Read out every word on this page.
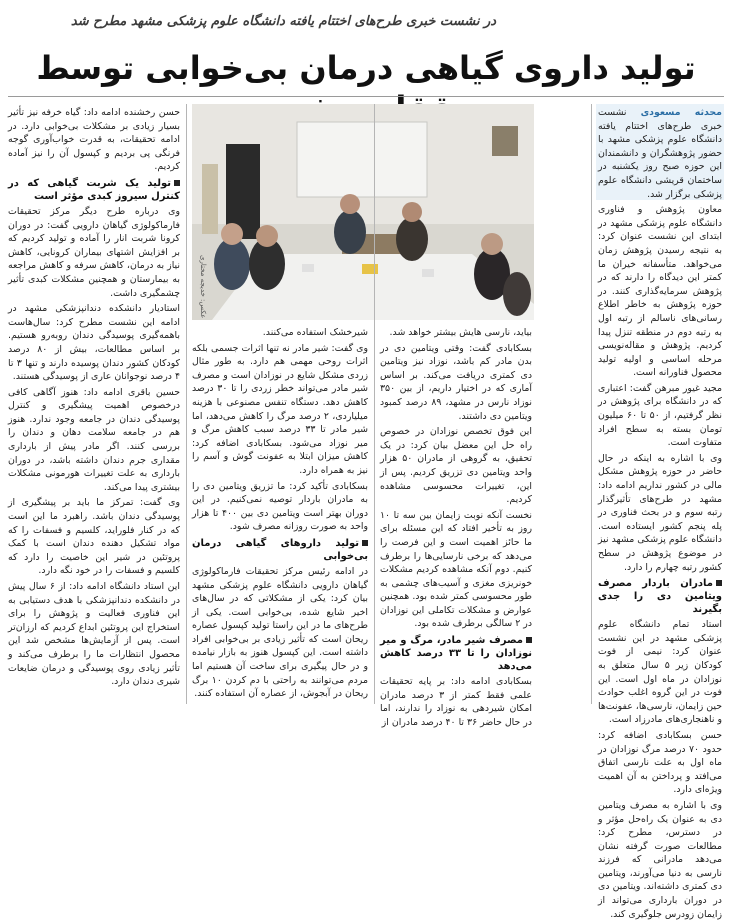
در نشست خبری طرح‌های اختتام یافته دانشگاه علوم پزشکی مشهد مطرح شد
تولید داروی گیاهی درمان بی‌خوابی توسط

محدثه مسعودی نشست خبری طرح‌های اختتام یافته دانشگاه علوم پزشکی مشهد با حضور پژوهشگران و دانشمندان این حوزه صبح روز یکشنبه در ساختمان قریشی دانشگاه علوم پزشکی برگزار شد.

معاون پژوهش و فناوری دانشگاه علوم پزشکی مشهد در ابتدای این نشست عنوان کرد: به نتیجه رسیدن پژوهش زمان می‌خواهد. متأسفانه خیران ما کمتر این دیدگاه را دارند که در پژوهش سرمایه‌گذاری کنند. در حوزه پژوهش به خاطر اطلاع رسانی‌های ناسالم از رتبه اول به رتبه دوم در منطقه تنزل پیدا کردیم. پژوهش و مقاله‌نویسی مرحله اساسی و اولیه تولید محصول فناورانه است.

مجید غیور مبرهن گفت: اعتباری که در دانشگاه برای پژوهش در نظر گرفتیم، از ۵۰ تا ۶۰ میلیون تومان بسته به سطح افراد متفاوت است.

وی با اشاره به اینکه در حال حاضر در حوزه پژوهش مشکل مالی در کشور نداریم ادامه داد: مشهد در طرح‌های تأثیرگذار رتبه سوم و در بحث فناوری در پله پنجم کشور ایستاده است. دانشگاه علوم پزشکی مشهد نیز در موضوع پژوهش در سطح کشور رتبه چهارم را دارد.

مادران باردار مصرف ویتامین دی را جدی بگیرند

استاد تمام دانشگاه علوم پزشکی مشهد در این نشست عنوان کرد: نیمی از فوت کودکان زیر ۵ سال متعلق به نوزادان در ماه اول است. این فوت در این گروه اغلب حوادث حین زایمان، نارسی‌ها، عفونت‌ها و ناهنجاری‌های مادرزاد است.

حسن بسکابادی اضافه کرد: حدود ۷۰ درصد مرگ نوزادان در ماه اول به علت نارسی اتفاق می‌افتد و پرداختن به آن اهمیت ویژه‌ای دارد.

وی با اشاره به مصرف ویتامین دی به عنوان یک راه‌حل مؤثر و در دسترس، مطرح کرد: مطالعات صورت گرفته نشان می‌دهد مادرانی که فرزند نارسی به دنیا می‌آورند، ویتامین دی کمتری داشته‌اند. ویتامین دی در دوران بارداری می‌تواند از زایمان زودرس جلوگیری کند.

عکس: خدیجه مختاری

بیاید، نارسی هایش بیشتر خواهد شد.

بسکابادی گفت: وقتی ویتامین دی در بدن مادر کم باشد، نوزاد نیز ویتامین دی کمتری دریافت می‌کند. بر اساس آماری که در اختیار داریم، از بین ۳۵۰ نوزاد نارس در مشهد، ۸۹ درصد کمبود ویتامین دی داشتند.

این فوق تخصص نوزادان در خصوص راه حل این معضل بیان کرد: در یک تحقیق، به گروهی از مادران ۵۰ هزار واحد ویتامین دی تزریق کردیم. پس از این، تغییرات محسوسی مشاهده کردیم.

نخست آنکه نوبت زایمان بین سه تا ۱۰ روز به تأخیر افتاد که این مسئله برای ما حائز اهمیت است و این فرصت را می‌دهد که برخی نارسایی‌ها را برطرف کنیم. دوم آنکه مشاهده کردیم مشکلات خونریزی مغزی و آسیب‌های چشمی به طور محسوسی کمتر شده بود. همچنین عوارض و مشکلات تکاملی این نوزادان در ۲ سالگی برطرف شده بود.

مصرف شیر مادر، مرگ و میر نوزادان را تا ۳۳ درصد کاهش می‌دهد

بسکابادی ادامه داد: بر پایه تحقیقات علمی فقط کمتر از ۳ درصد مادران امکان شیردهی به نوزاد را ندارند، اما در حال حاضر ۳۶ تا ۴۰ درصد مادران از

شیرخشک استفاده می‌کنند.

وی گفت: شیر مادر نه تنها اثرات جسمی بلکه اثرات روحی مهمی هم دارد. به طور مثال زردی مشکل شایع در نوزادان است و مصرف شیر مادر می‌تواند خطر زردی را تا ۳۰ درصد کاهش دهد. دستگاه تنفس مصنوعی با هزینه میلیاردی، ۲ درصد مرگ را کاهش می‌دهد، اما شیر مادر تا ۳۳ درصد سبب کاهش مرگ و میر نوزاد می‌شود. بسکابادی اضافه کرد: کاهش میزان ابتلا به عفونت گوش و آسم را نیز به همراه دارد.

بسکابادی تأکید کرد: ما تزریق ویتامین دی را به مادران باردار توصیه نمی‌کنیم. در این دوران بهتر است ویتامین دی بین ۴۰۰ تا هزار واحد به صورت روزانه مصرف شود.

تولید داروهای گیاهی درمان بی‌خوابی

در ادامه رئیس مرکز تحقیقات فارماکولوژی گیاهان دارویی دانشگاه علوم پزشکی مشهد بیان کرد: یکی از مشکلاتی که در سال‌های اخیر شایع شده، بی‌خوابی است. یکی از طرح‌های ما در این راستا تولید کپسول عصاره ریحان است که تأثیر زیادی بر بی‌خوابی افراد داشته است. این کپسول هنوز به بازار نیامده و در حال پیگیری برای ساخت آن هستیم اما مردم می‌توانند به راحتی با دم کردن ۱۰ برگ ریحان در آبجوش، از عصاره آن استفاده کنند.

حسن رخشنده ادامه داد: گیاه خرفه نیز تأثیر بسیار زیادی بر مشکلات بی‌خوابی دارد. در ادامه تحقیقات، به قدرت خواب‌آوری گوجه فرنگی پی بردیم و کپسول آن را نیز آماده کردیم.

تولید یک شربت گیاهی که در کنترل سیروز کبدی مؤثر است

وی درباره طرح دیگر مرکز تحقیقات فارماکولوژی گیاهان دارویی گفت: در دوران کرونا شربت انار را آماده و تولید کردیم که بر افزایش اشتهای بیماران کرونایی، کاهش نیاز به درمان، کاهش سرفه و کاهش مراجعه به بیمارستان و همچنین مشکلات کبدی تأثیر چشمگیری داشت.

استادیار دانشکده دندانپزشکی مشهد در ادامه این نشست مطرح کرد: سال‌هاست باهمه‌گیری پوسیدگی دندان روبه‌رو هستیم. بر اساس مطالعات، بیش از ۸۰ درصد کودکان کشور دندان پوسیده دارند و تنها ۳ تا ۴ درصد نوجوانان عاری از پوسیدگی هستند.

حسین باقری ادامه داد: هنوز آگاهی کافی درخصوص اهمیت پیشگیری و کنترل پوسیدگی دندان در جامعه وجود ندارد. هنوز هم در جامعه سلامت دهان و دندان را بررسی کنند. اگر مادر پیش از بارداری مقداری جرم دندان داشته باشد، در دوران بارداری به علت تغییرات هورمونی مشکلات بیشتری پیدا می‌کند.

وی گفت: تمرکز ما باید بر پیشگیری از پوسیدگی دندان باشد. راهبرد ما این است که در کنار فلوراید، کلسیم و فسفات را که مواد تشکیل دهنده دندان است با کمک پروتئین در شیر این خاصیت را دارد که کلسیم و فسفات را در خود نگه دارد.

این استاد دانشگاه ادامه داد: از ۶ سال پیش در دانشکده دندانپزشکی با هدف دستیابی به این فناوری فعالیت و پژوهش را برای استخراج این پروتئین ابداع کردیم که ارزان‌تر است. پس از آزمایش‌ها مشخص شد این محصول انتظارات ما را برطرف می‌کند و تأثیر زیادی روی پوسیدگی و درمان ضایعات شیری دندان دارد.
